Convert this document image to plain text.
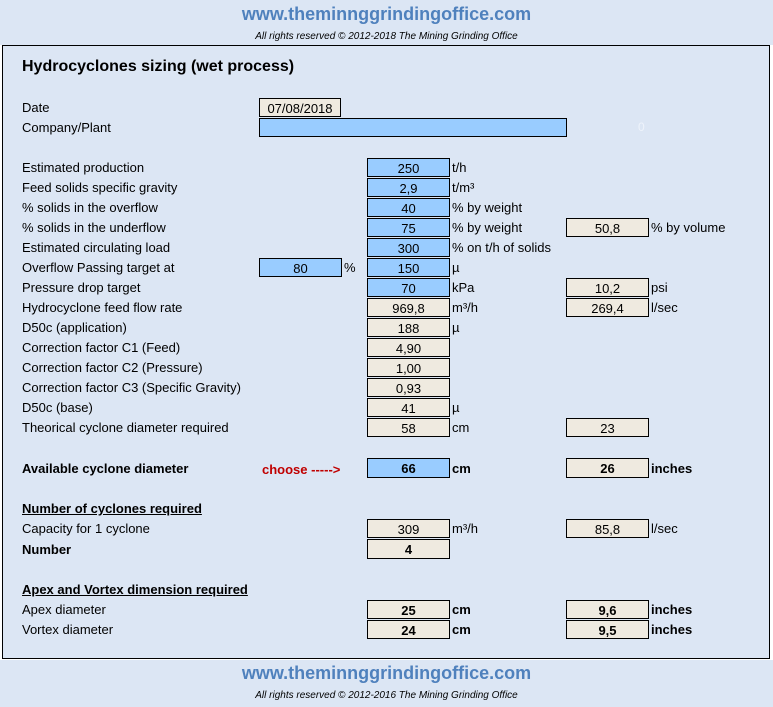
www.theminnggrindingoffice.com
All rights reserved © 2012-2018 The Mining Grinding Office
Hydrocyclones sizing (wet process)
Date	07/08/2018
Company/Plant	0
Estimated production	250	t/h
Feed solids specific gravity	2,9	t/m³
% solids in the overflow	40	% by weight
% solids in the underflow	75	% by weight	50,8	% by volume
Estimated circulating load	300	% on t/h of solids
Overflow Passing target at	80	%	150	µ
Pressure drop target	70	kPa	10,2	psi
Hydrocyclone feed flow rate	969,8	m³/h	269,4	l/sec
D50c (application)	188	µ
Correction factor C1 (Feed)	4,90
Correction factor C2 (Pressure)	1,00
Correction factor C3 (Specific Gravity)	0,93
D50c (base)	41	µ
Theorical cyclone diameter required	58	cm	23
Available cyclone diameter	choose ----->	66	cm	26	inches
Number of cyclones required
Capacity for 1 cyclone	309	m³/h	85,8	l/sec
Number	4
Apex and Vortex dimension required
Apex diameter	25	cm	9,6	inches
Vortex diameter	24	cm	9,5	inches
www.theminnggrindingoffice.com
All rights reserved © 2012-2016 The Mining Grinding Office
